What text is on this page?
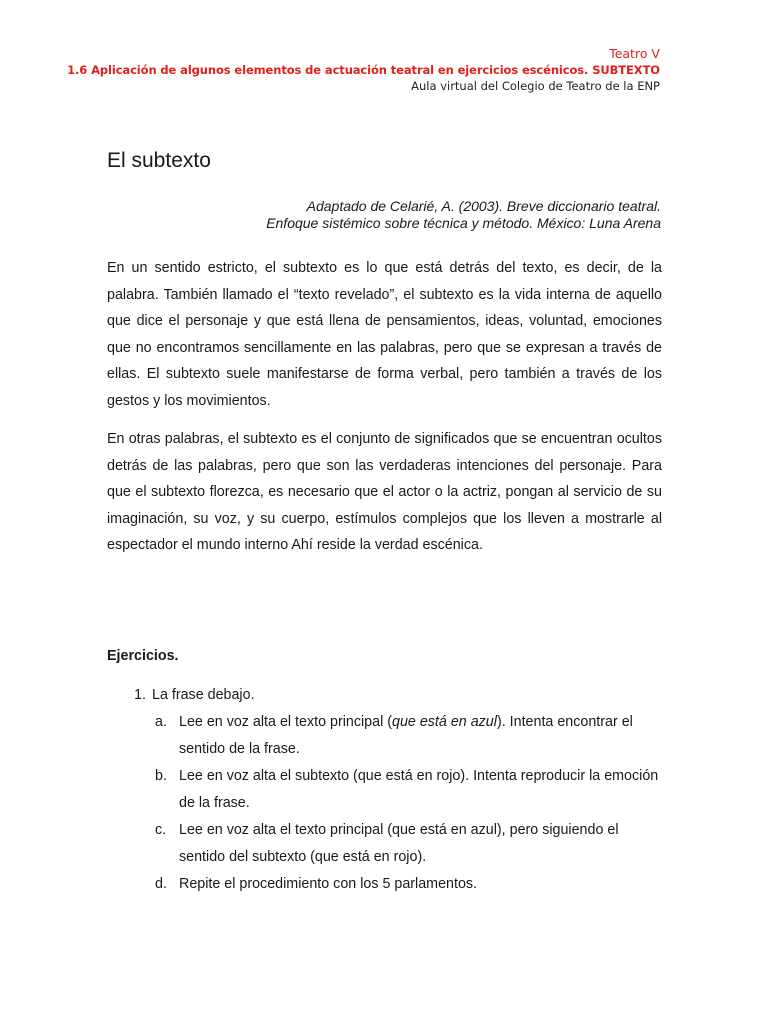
Teatro V
1.6 Aplicación de algunos elementos de actuación teatral en ejercicios escénicos. SUBTEXTO
Aula virtual del Colegio de Teatro de la ENP
El subtexto
Adaptado de Celarié, A. (2003). Breve diccionario teatral.
Enfoque sistémico sobre técnica y método. México: Luna Arena

En un sentido estricto, el subtexto es lo que está detrás del texto, es decir, de la palabra. También llamado el “texto revelado”, el subtexto es la vida interna de aquello que dice el personaje y que está llena de pensamientos, ideas, voluntad, emociones que no encontramos sencillamente en las palabras, pero que se expresan a través de ellas. El subtexto suele manifestarse de forma verbal, pero también a través de los gestos y los movimientos.

En otras palabras, el subtexto es el conjunto de significados que se encuentran ocultos detrás de las palabras, pero que son las verdaderas intenciones del personaje. Para que el subtexto florezca, es necesario que el actor o la actriz, pongan al servicio de su imaginación, su voz, y su cuerpo, estímulos complejos que los lleven a mostrarle al espectador el mundo interno Ahí reside la verdad escénica.

Ejercicios.

1. La frase debajo.
a. Lee en voz alta el texto principal (que está en azul). Intenta encontrar el sentido de la frase.
b. Lee en voz alta el subtexto (que está en rojo). Intenta reproducir la emoción de la frase.
c. Lee en voz alta el texto principal (que está en azul), pero siguiendo el sentido del subtexto (que está en rojo).
d. Repite el procedimiento con los 5 parlamentos.
